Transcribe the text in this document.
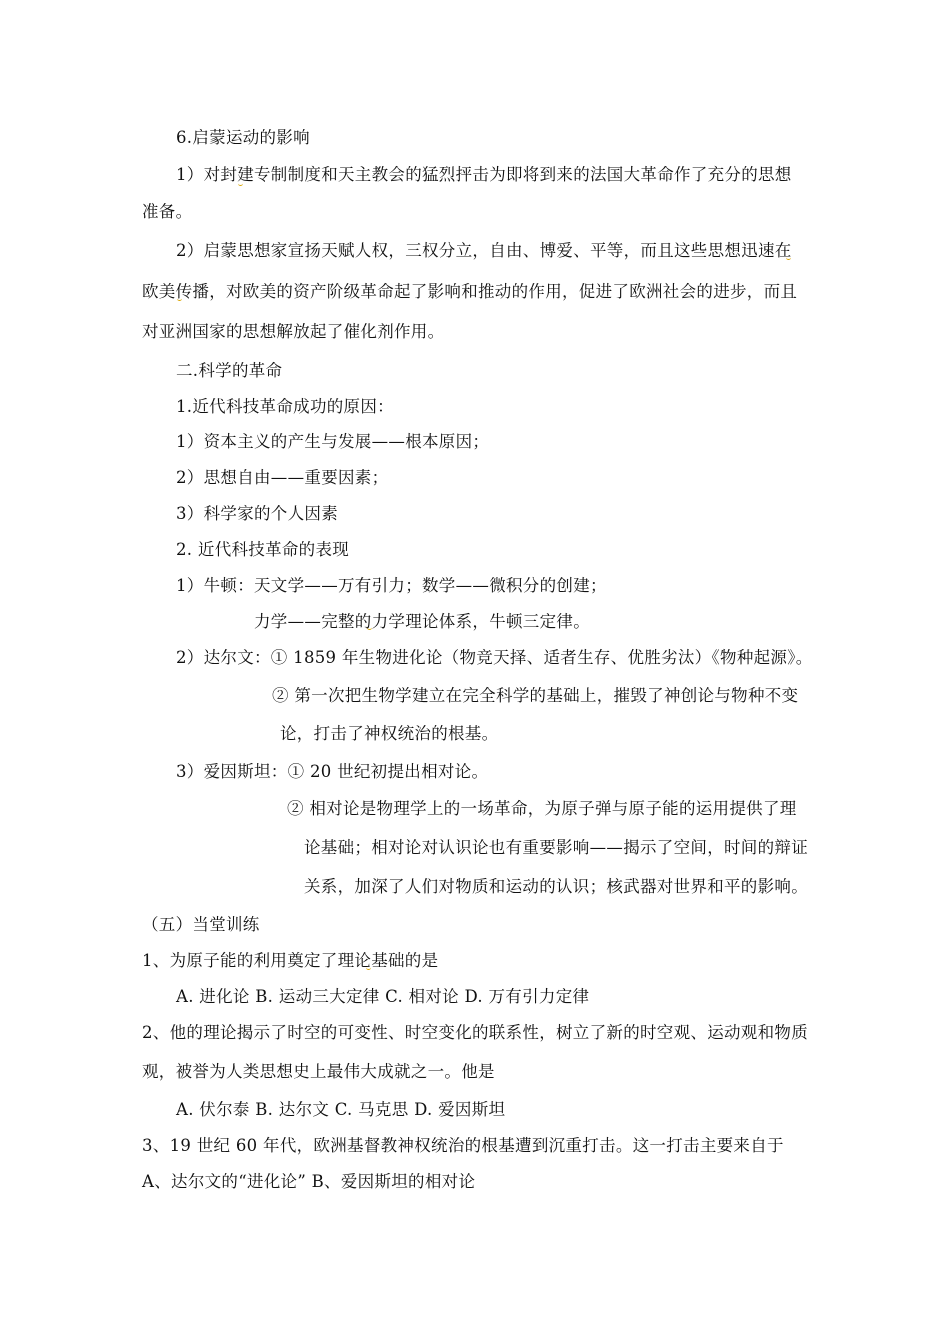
6.启蒙运动的影响
1）对封建专制制度和天主教会的猛烈抨击为即将到来的法国大革命作了充分的思想
准备。
2）启蒙思想家宣扬天赋人权，三权分立，自由、博爱、平等，而且这些思想迅速在
欧美传播，对欧美的资产阶级革命起了影响和推动的作用，促进了欧洲社会的进步，而且
对亚洲国家的思想解放起了催化剂作用。
二.科学的革命
1.近代科技革命成功的原因：
1）资本主义的产生与发展——根本原因；
2）思想自由——重要因素；
3）科学家的个人因素
2. 近代科技革命的表现
1）牛顿：天文学——万有引力；数学——微积分的创建；
力学——完整的力学理论体系，牛顿三定律。
2）达尔文：① 1859 年生物进化论（物竞天择、适者生存、优胜劣汰）《物种起源》。
② 第一次把生物学建立在完全科学的基础上，摧毁了神创论与物种不变
论，打击了神权统治的根基。
3）爱因斯坦：① 20 世纪初提出相对论。
② 相对论是物理学上的一场革命，为原子弹与原子能的运用提供了理
论基础；相对论对认识论也有重要影响——揭示了空间，时间的辩证
关系，加深了人们对物质和运动的认识；核武器对世界和平的影响。
（五）当堂训练
1、为原子能的利用奠定了理论基础的是
A. 进化论 B. 运动三大定律 C. 相对论 D. 万有引力定律
2、他的理论揭示了时空的可变性、时空变化的联系性，树立了新的时空观、运动观和物质
观，被誉为人类思想史上最伟大成就之一。他是
A. 伏尔泰 B. 达尔文 C. 马克思 D. 爱因斯坦
3、19 世纪 60 年代，欧洲基督教神权统治的根基遭到沉重打击。这一打击主要来自于
A、达尔文的“进化论” B、爱因斯坦的相对论
